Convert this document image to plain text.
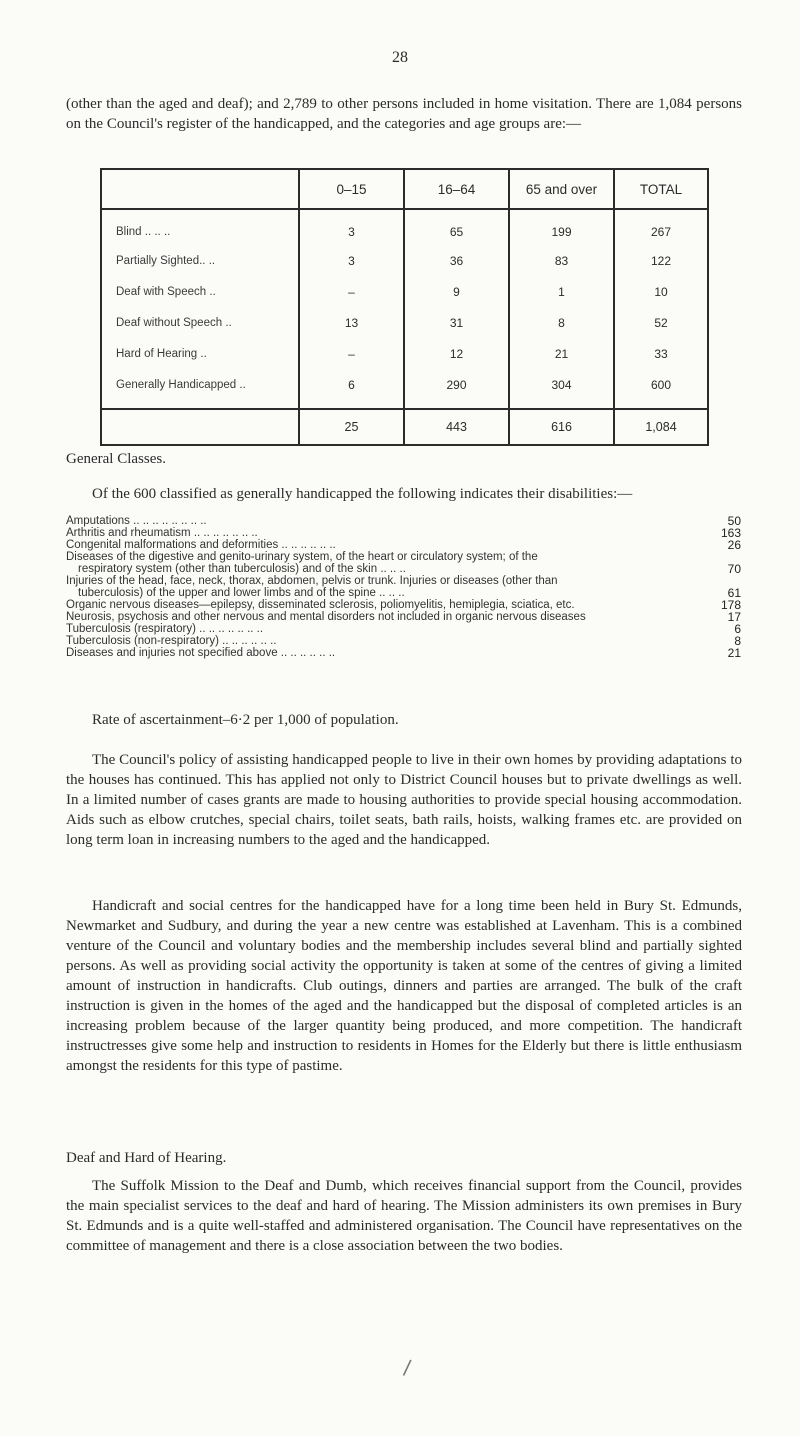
28

(other than the aged and deaf); and 2,789 to other persons included in home visitation. There are 1,084 persons on the Council's register of the handicapped, and the categories and age groups are:—

	0–15	16–64	65 and over	TOTAL
Blind .. .. ..	3	65	199	267
Partially Sighted.. ..	3	36	83	122
Deaf with Speech ..	–	9	1	10
Deaf without Speech ..	13	31	8	52
Hard of Hearing ..	–	12	21	33
Generally Handicapped ..	6	290	304	600
	25	443	616	1,084
General Classes.

Of the 600 classified as generally handicapped the following indicates their disabilities:—

Amputations .. .. .. .. .. .. .. ..	50
Arthritis and rheumatism .. .. .. .. .. .. ..	163
Congenital malformations and deformities .. .. .. .. .. ..	26
Diseases of the digestive and genito-urinary system, of the heart or circulatory system; of the
respiratory system (other than tuberculosis) and of the skin .. .. ..	70
Injuries of the head, face, neck, thorax, abdomen, pelvis or trunk. Injuries or diseases (other than
tuberculosis) of the upper and lower limbs and of the spine .. .. ..	61
Organic nervous diseases—epilepsy, disseminated sclerosis, poliomyelitis, hemiplegia, sciatica, etc.	178
Neurosis, psychosis and other nervous and mental disorders not included in organic nervous diseases	17
Tuberculosis (respiratory) .. .. .. .. .. .. ..	6
Tuberculosis (non-respiratory) .. .. .. .. .. ..	8
Diseases and injuries not specified above .. .. .. .. .. ..	21

Rate of ascertainment–6·2 per 1,000 of population.

The Council's policy of assisting handicapped people to live in their own homes by providing adaptations to the houses has continued. This has applied not only to District Council houses but to private dwellings as well. In a limited number of cases grants are made to housing authorities to provide special housing accommodation. Aids such as elbow crutches, special chairs, toilet seats, bath rails, hoists, walking frames etc. are provided on long term loan in increasing numbers to the aged and the handicapped.

Handicraft and social centres for the handicapped have for a long time been held in Bury St. Edmunds, Newmarket and Sudbury, and during the year a new centre was established at Lavenham. This is a combined venture of the Council and voluntary bodies and the membership includes several blind and partially sighted persons. As well as providing social activity the opportunity is taken at some of the centres of giving a limited amount of instruction in handicrafts. Club outings, dinners and parties are arranged. The bulk of the craft instruction is given in the homes of the aged and the handicapped but the disposal of completed articles is an increasing problem because of the larger quantity being produced, and more competition. The handicraft instructresses give some help and instruction to residents in Homes for the Elderly but there is little enthusiasm amongst the residents for this type of pastime.

Deaf and Hard of Hearing.

The Suffolk Mission to the Deaf and Dumb, which receives financial support from the Council, provides the main specialist services to the deaf and hard of hearing. The Mission administers its own premises in Bury St. Edmunds and is a quite well-staffed and administered organisation. The Council have representatives on the committee of management and there is a close association between the two bodies.

/
